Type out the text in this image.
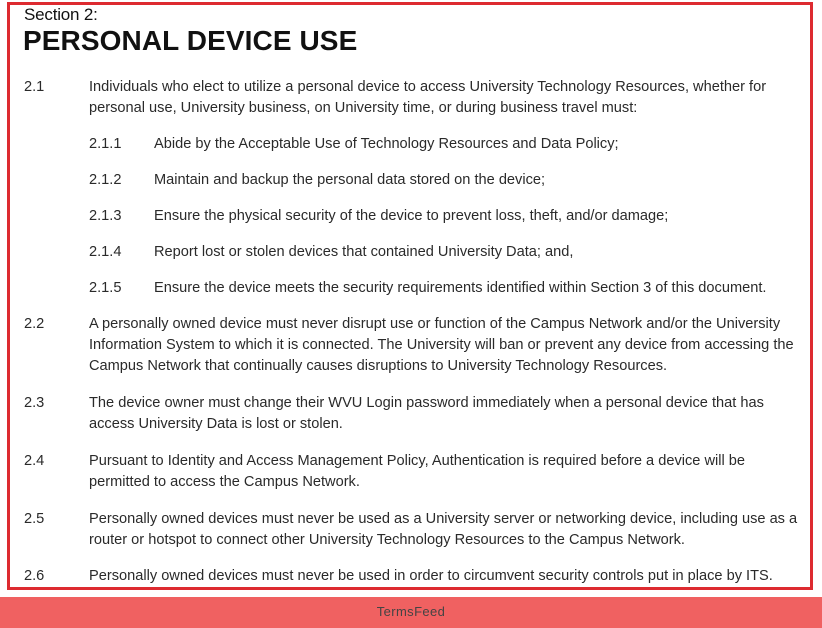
Section 2:
PERSONAL DEVICE USE
2.1	Individuals who elect to utilize a personal device to access University Technology Resources, whether for personal use, University business, on University time, or during business travel must:
2.1.1 Abide by the Acceptable Use of Technology Resources and Data Policy;
2.1.2 Maintain and backup the personal data stored on the device;
2.1.3 Ensure the physical security of the device to prevent loss, theft, and/or damage;
2.1.4 Report lost or stolen devices that contained University Data; and,
2.1.5 Ensure the device meets the security requirements identified within Section 3 of this document.
2.2	A personally owned device must never disrupt use or function of the Campus Network and/or the University Information System to which it is connected. The University will ban or prevent any device from accessing the Campus Network that continually causes disruptions to University Technology Resources.
2.3	The device owner must change their WVU Login password immediately when a personal device that has access University Data is lost or stolen.
2.4	Pursuant to Identity and Access Management Policy, Authentication is required before a device will be permitted to access the Campus Network.
2.5	Personally owned devices must never be used as a University server or networking device, including use as a router or hotspot to connect other University Technology Resources to the Campus Network.
2.6	Personally owned devices must never be used in order to circumvent security controls put in place by ITS.
TermsFeed
